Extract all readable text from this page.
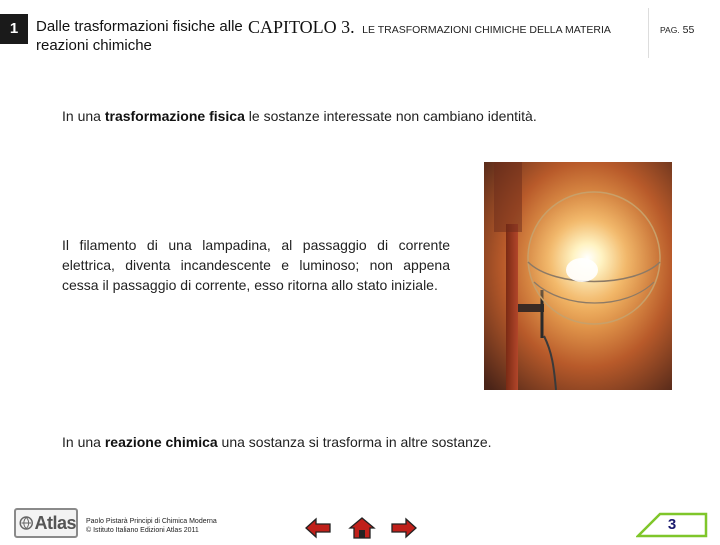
1	Dalle trasformazioni fisiche alle reazioni chimiche
CAPITOLO 3. LE TRASFORMAZIONI CHIMICHE DELLA MATERIA	PAG. 55
In una trasformazione fisica le sostanze interessate non cambiano identità.
Il filamento di una lampadina, al passaggio di corrente elettrica, diventa incandescente e luminoso; non appena cessa il passaggio di corrente, esso ritorna allo stato iniziale.
In una reazione chimica una sostanza si trasforma in altre sostanze.
Atlas Paolo Pistarà Principi di Chimica Moderna
© Istituto Italiano Edizioni Atlas 2011	3
